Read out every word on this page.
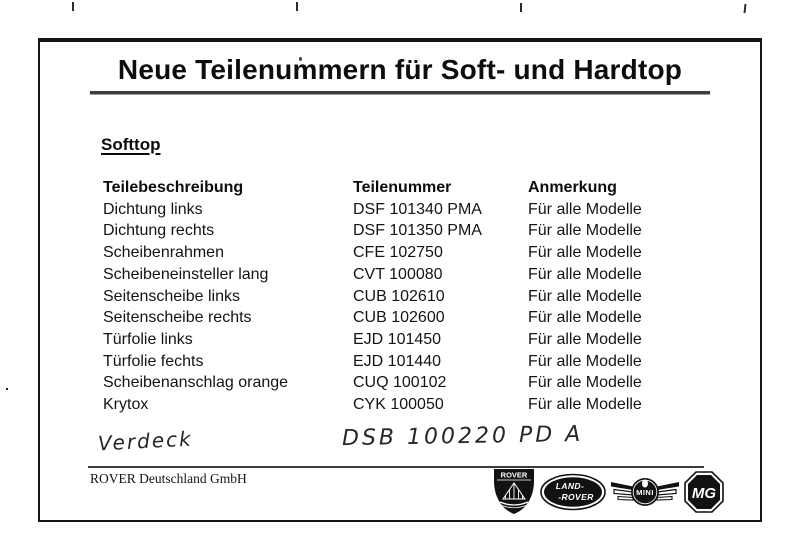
Neue Teilenummern für Soft- und Hardtop
Softtop
Teilebeschreibung	Teilenummer	Anmerkung
Dichtung links	DSF 101340 PMA	Für alle Modelle
Dichtung rechts	DSF 101350 PMA	Für alle Modelle
Scheibenrahmen	CFE 102750	Für alle Modelle
Scheibeneinsteller lang	CVT 100080	Für alle Modelle
Seitenscheibe links	CUB 102610	Für alle Modelle
Seitenscheibe rechts	CUB 102600	Für alle Modelle
Türfolie links	EJD 101450	Für alle Modelle
Türfolie fechts	EJD 101440	Für alle Modelle
Scheibenanschlag orange	CUQ 100102	Für alle Modelle
Krytox	CYK 100050	Für alle Modelle
Verdeck	DSB 100220 PD A
ROVER Deutschland GmbH	ROVER
LAND-
-ROVER	MINI	MG
